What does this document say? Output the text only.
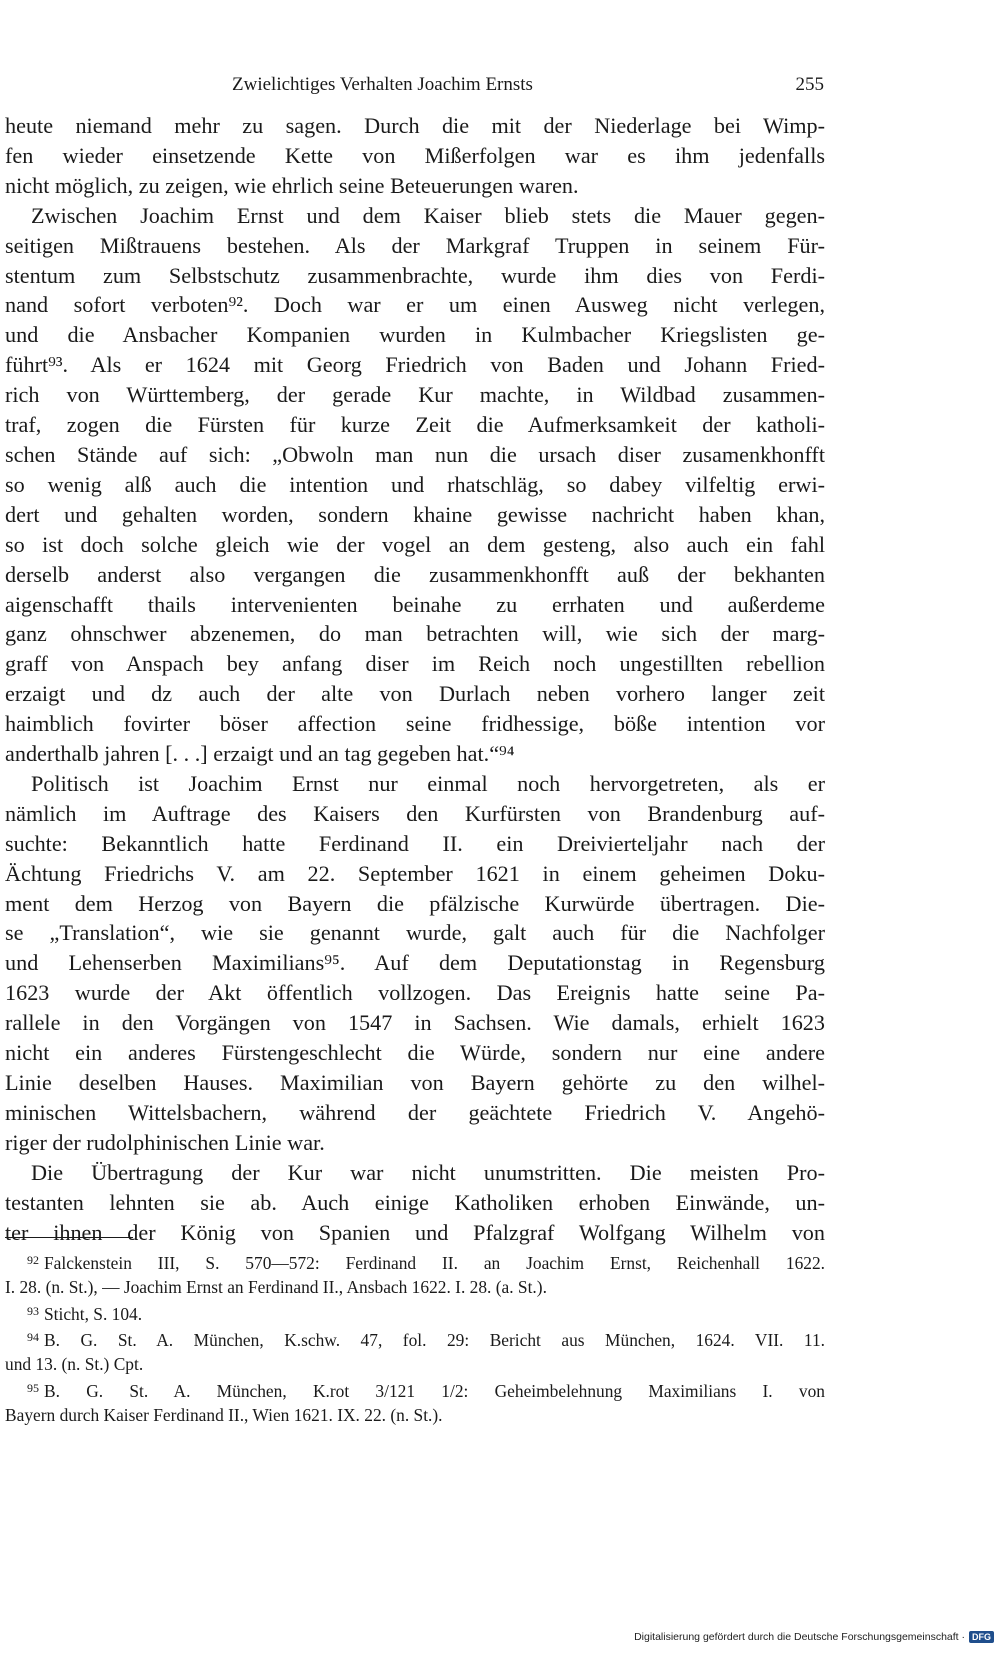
Zwielichtiges Verhalten Joachim Ernsts	255
heute niemand mehr zu sagen. Durch die mit der Niederlage bei Wimp-
fen wieder einsetzende Kette von Mißerfolgen war es ihm jedenfalls
nicht möglich, zu zeigen, wie ehrlich seine Beteuerungen waren.
Zwischen Joachim Ernst und dem Kaiser blieb stets die Mauer gegen-
seitigen Mißtrauens bestehen. Als der Markgraf Truppen in seinem Für-
stentum zum Selbstschutz zusammenbrachte, wurde ihm dies von Ferdi-
nand sofort verboten⁹². Doch war er um einen Ausweg nicht verlegen,
und die Ansbacher Kompanien wurden in Kulmbacher Kriegslisten ge-
führt⁹³. Als er 1624 mit Georg Friedrich von Baden und Johann Fried-
rich von Württemberg, der gerade Kur machte, in Wildbad zusammen-
traf, zogen die Fürsten für kurze Zeit die Aufmerksamkeit der katholi-
schen Stände auf sich: „Obwoln man nun die ursach diser zusamenkhonfft
so wenig alß auch die intention und rhatschläg, so dabey vilfeltig erwi-
dert und gehalten worden, sondern khaine gewisse nachricht haben khan,
so ist doch solche gleich wie der vogel an dem gesteng, also auch ein fahl
derselb anderst also vergangen die zusammenkhonfft auß der bekhanten
aigenschafft thails intervenienten beinahe zu errhaten und außerdeme
ganz ohnschwer abzenemen, do man betrachten will, wie sich der marg-
graff von Anspach bey anfang diser im Reich noch ungestillten rebellion
erzaigt und dz auch der alte von Durlach neben vorhero langer zeit
haimblich fovirter böser affection seine fridhessige, böße intention vor
anderthalb jahren [. . .] erzaigt und an tag gegeben hat.“⁹⁴
Politisch ist Joachim Ernst nur einmal noch hervorgetreten, als er
nämlich im Auftrage des Kaisers den Kurfürsten von Brandenburg auf-
suchte: Bekanntlich hatte Ferdinand II. ein Dreivierteljahr nach der
Ächtung Friedrichs V. am 22. September 1621 in einem geheimen Doku-
ment dem Herzog von Bayern die pfälzische Kurwürde übertragen. Die-
se „Translation“, wie sie genannt wurde, galt auch für die Nachfolger
und Lehenserben Maximilians⁹⁵. Auf dem Deputationstag in Regensburg
1623 wurde der Akt öffentlich vollzogen. Das Ereignis hatte seine Pa-
rallele in den Vorgängen von 1547 in Sachsen. Wie damals, erhielt 1623
nicht ein anderes Fürstengeschlecht die Würde, sondern nur eine andere
Linie deselben Hauses. Maximilian von Bayern gehörte zu den wilhel-
minischen Wittelsbachern, während der geächtete Friedrich V. Angehö-
riger der rudolphinischen Linie war.
Die Übertragung der Kur war nicht unumstritten. Die meisten Pro-
testanten lehnten sie ab. Auch einige Katholiken erhoben Einwände, un-
ter ihnen der König von Spanien und Pfalzgraf Wolfgang Wilhelm von
$^{92}$ Falckenstein III, S. 570—572: Ferdinand II. an Joachim Ernst, Reichenhall 1622.
I. 28. (n. St.), — Joachim Ernst an Ferdinand II., Ansbach 1622. I. 28. (a. St.).
$^{93}$ Sticht, S. 104.
$^{94}$ B. G. St. A. München, K.schw. 47, fol. 29: Bericht aus München, 1624. VII. 11.
und 13. (n. St.) Cpt.
$^{95}$ B. G. St. A. München, K.rot 3/121 1/2: Geheimbelehnung Maximilians I. von
Bayern durch Kaiser Ferdinand II., Wien 1621. IX. 22. (n. St.).
Digitalisierung gefördert durch die Deutsche Forschungsgemeinschaft · DFG
